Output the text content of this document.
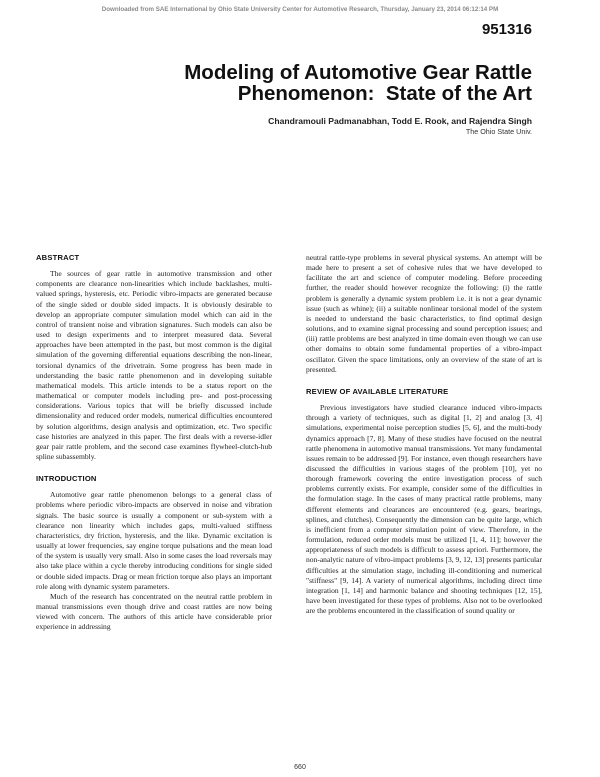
Downloaded from SAE International by Ohio State University Center for Automotive Research, Thursday, January 23, 2014 06:12:14 PM
951316
Modeling of Automotive Gear Rattle
Phenomenon:  State of the Art
Chandramouli Padmanabhan, Todd E. Rook, and Rajendra Singh
The Ohio State Univ.
ABSTRACT

The sources of gear rattle in automotive transmission and other components are clearance non-linearities which include backlashes, multi-valued springs, hysteresis, etc. Periodic vibro-impacts are generated because of the single sided or double sided impacts. It is obviously desirable to develop an appropriate computer simulation model which can aid in the control of transient noise and vibration signatures. Such models can also be used to design experiments and to interpret measured data. Several approaches have been attempted in the past, but most common is the digital simulation of the governing differential equations describing the non-linear, torsional dynamics of the drivetrain. Some progress has been made in understanding the basic rattle phenomenon and in developing suitable mathematical models. This article intends to be a status report on the mathematical or computer models including pre- and post-processing considerations. Various topics that will be briefly discussed include dimensionality and reduced order models, numerical difficulties encountered by solution algorithms, design analysis and optimization, etc. Two specific case histories are analyzed in this paper. The first deals with a reverse-idler gear pair rattle problem, and the second case examines flywheel-clutch-hub spline subassembly.

INTRODUCTION

Automotive gear rattle phenomenon belongs to a general class of problems where periodic vibro-impacts are observed in noise and vibration signals. The basic source is usually a component or sub-system with a clearance non linearity which includes gaps, multi-valued stiffness characteristics, dry friction, hysteresis, and the like. Dynamic excitation is usually at lower frequencies, say engine torque pulsations and the mean load of the system is usually very small. Also in some cases the load reversals may also take place within a cycle thereby introducing conditions for single sided or double sided impacts. Drag or mean friction torque also plays an important role along with dynamic system parameters.

Much of the research has concentrated on the neutral rattle problem in manual transmissions even though drive and coast rattles are now being viewed with concern. The authors of this article have considerable prior experience in addressing

neutral rattle-type problems in several physical systems. An attempt will be made here to present a set of cohesive rules that we have developed to facilitate the art and science of computer modeling. Before proceeding further, the reader should however recognize the following: (i) the rattle problem is generally a dynamic system problem i.e. it is not a gear dynamic issue (such as whine); (ii) a suitable nonlinear torsional model of the system is needed to understand the basic characteristics, to find optimal design solutions, and to examine signal processing and sound perception issues; and (iii) rattle problems are best analyzed in time domain even though we can use other domains to obtain some fundamental properties of a vibro-impact oscillator. Given the space limitations, only an overview of the state of art is presented.

REVIEW OF AVAILABLE LITERATURE

Previous investigators have studied clearance induced vibro-impacts through a variety of techniques, such as digital [1, 2] and analog [3, 4] simulations, experimental noise perception studies [5, 6], and the multi-body dynamics approach [7, 8]. Many of these studies have focused on the neutral rattle phenomena in automotive manual transmissions. Yet many fundamental issues remain to be addressed [9]. For instance, even though researchers have discussed the difficulties in various stages of the problem [10], yet no thorough framework covering the entire investigation process of such problems currently exists. For example, consider some of the difficulties in the formulation stage. In the cases of many practical rattle problems, many different elements and clearances are encountered (e.g. gears, bearings, splines, and clutches). Consequently the dimension can be quite large, which is inefficient from a computer simulation point of view. Therefore, in the formulation, reduced order models must be utilized [1, 4, 11]; however the appropriateness of such models is difficult to assess apriori. Furthermore, the non-analytic nature of vibro-impact problems [3, 9, 12, 13] presents particular difficulties at the simulation stage, including ill-conditioning and numerical "stiffness" [9, 14]. A variety of numerical algorithms, including direct time integration [1, 14] and harmonic balance and shooting techniques [12, 15], have been investigated for these types of problems. Also not to be overlooked are the problems encountered in the classification of sound quality or

660
